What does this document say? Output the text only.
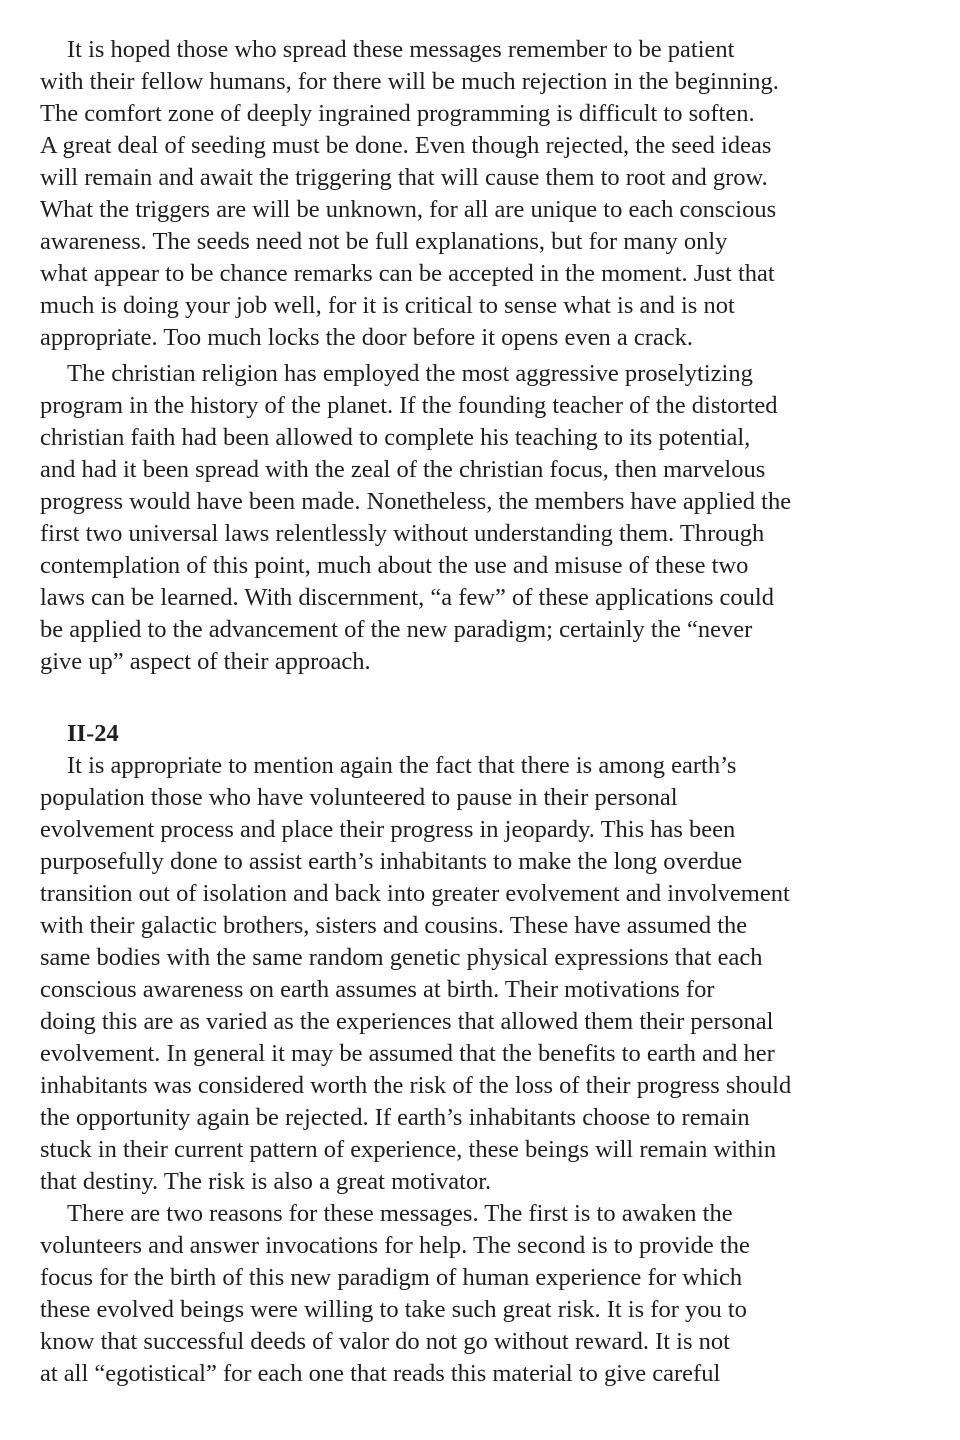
It is hoped those who spread these messages remember to be patient
with their fellow humans, for there will be much rejection in the beginning.
The comfort zone of deeply ingrained programming is difficult to soften.
A great deal of seeding must be done. Even though rejected, the seed ideas
will remain and await the triggering that will cause them to root and grow.
What the triggers are will be unknown, for all are unique to each conscious
awareness. The seeds need not be full explanations, but for many only
what appear to be chance remarks can be accepted in the moment. Just that
much is doing your job well, for it is critical to sense what is and is not
appropriate. Too much locks the door before it opens even a crack.
The christian religion has employed the most aggressive proselytizing
program in the history of the planet. If the founding teacher of the distorted
christian faith had been allowed to complete his teaching to its potential,
and had it been spread with the zeal of the christian focus, then marvelous
progress would have been made. Nonetheless, the members have applied the
first two universal laws relentlessly without understanding them. Through
contemplation of this point, much about the use and misuse of these two
laws can be learned. With discernment, “a few” of these applications could
be applied to the advancement of the new paradigm; certainly the “never
give up” aspect of their approach.
II-24
It is appropriate to mention again the fact that there is among earth’s
population those who have volunteered to pause in their personal
evolvement process and place their progress in jeopardy. This has been
purposefully done to assist earth’s inhabitants to make the long overdue
transition out of isolation and back into greater evolvement and involvement
with their galactic brothers, sisters and cousins. These have assumed the
same bodies with the same random genetic physical expressions that each
conscious awareness on earth assumes at birth. Their motivations for
doing this are as varied as the experiences that allowed them their personal
evolvement. In general it may be assumed that the benefits to earth and her
inhabitants was considered worth the risk of the loss of their progress should
the opportunity again be rejected. If earth’s inhabitants choose to remain
stuck in their current pattern of experience, these beings will remain within
that destiny. The risk is also a great motivator.
There are two reasons for these messages. The first is to awaken the
volunteers and answer invocations for help. The second is to provide the
focus for the birth of this new paradigm of human experience for which
these evolved beings were willing to take such great risk. It is for you to
know that successful deeds of valor do not go without reward. It is not
at all “egotistical” for each one that reads this material to give careful
